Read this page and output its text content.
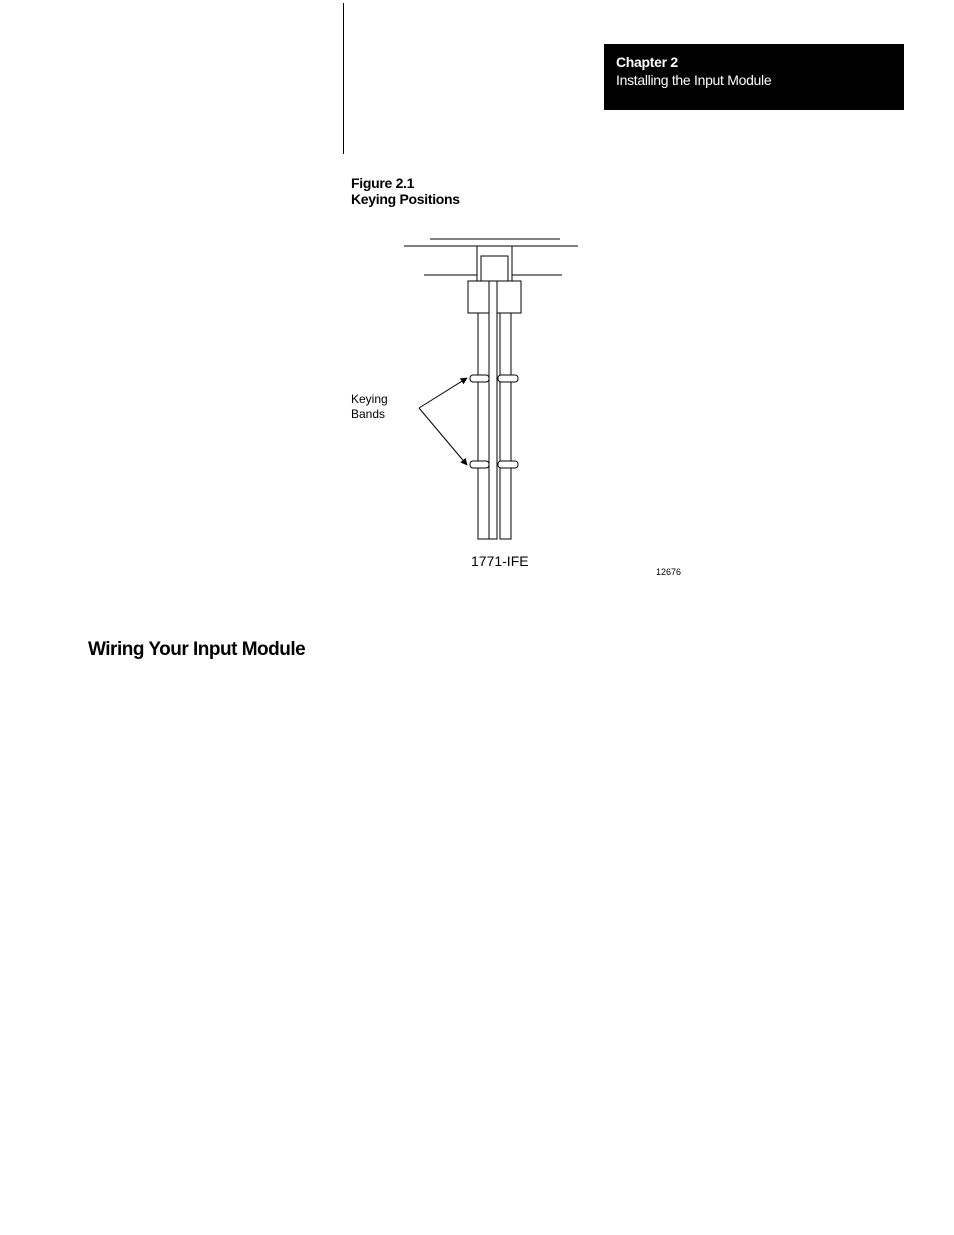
Chapter 2
Installing the Input Module
Figure 2.1
Keying Positions
Keying
Bands
1771-IFE
12676
Wiring Your Input Module
